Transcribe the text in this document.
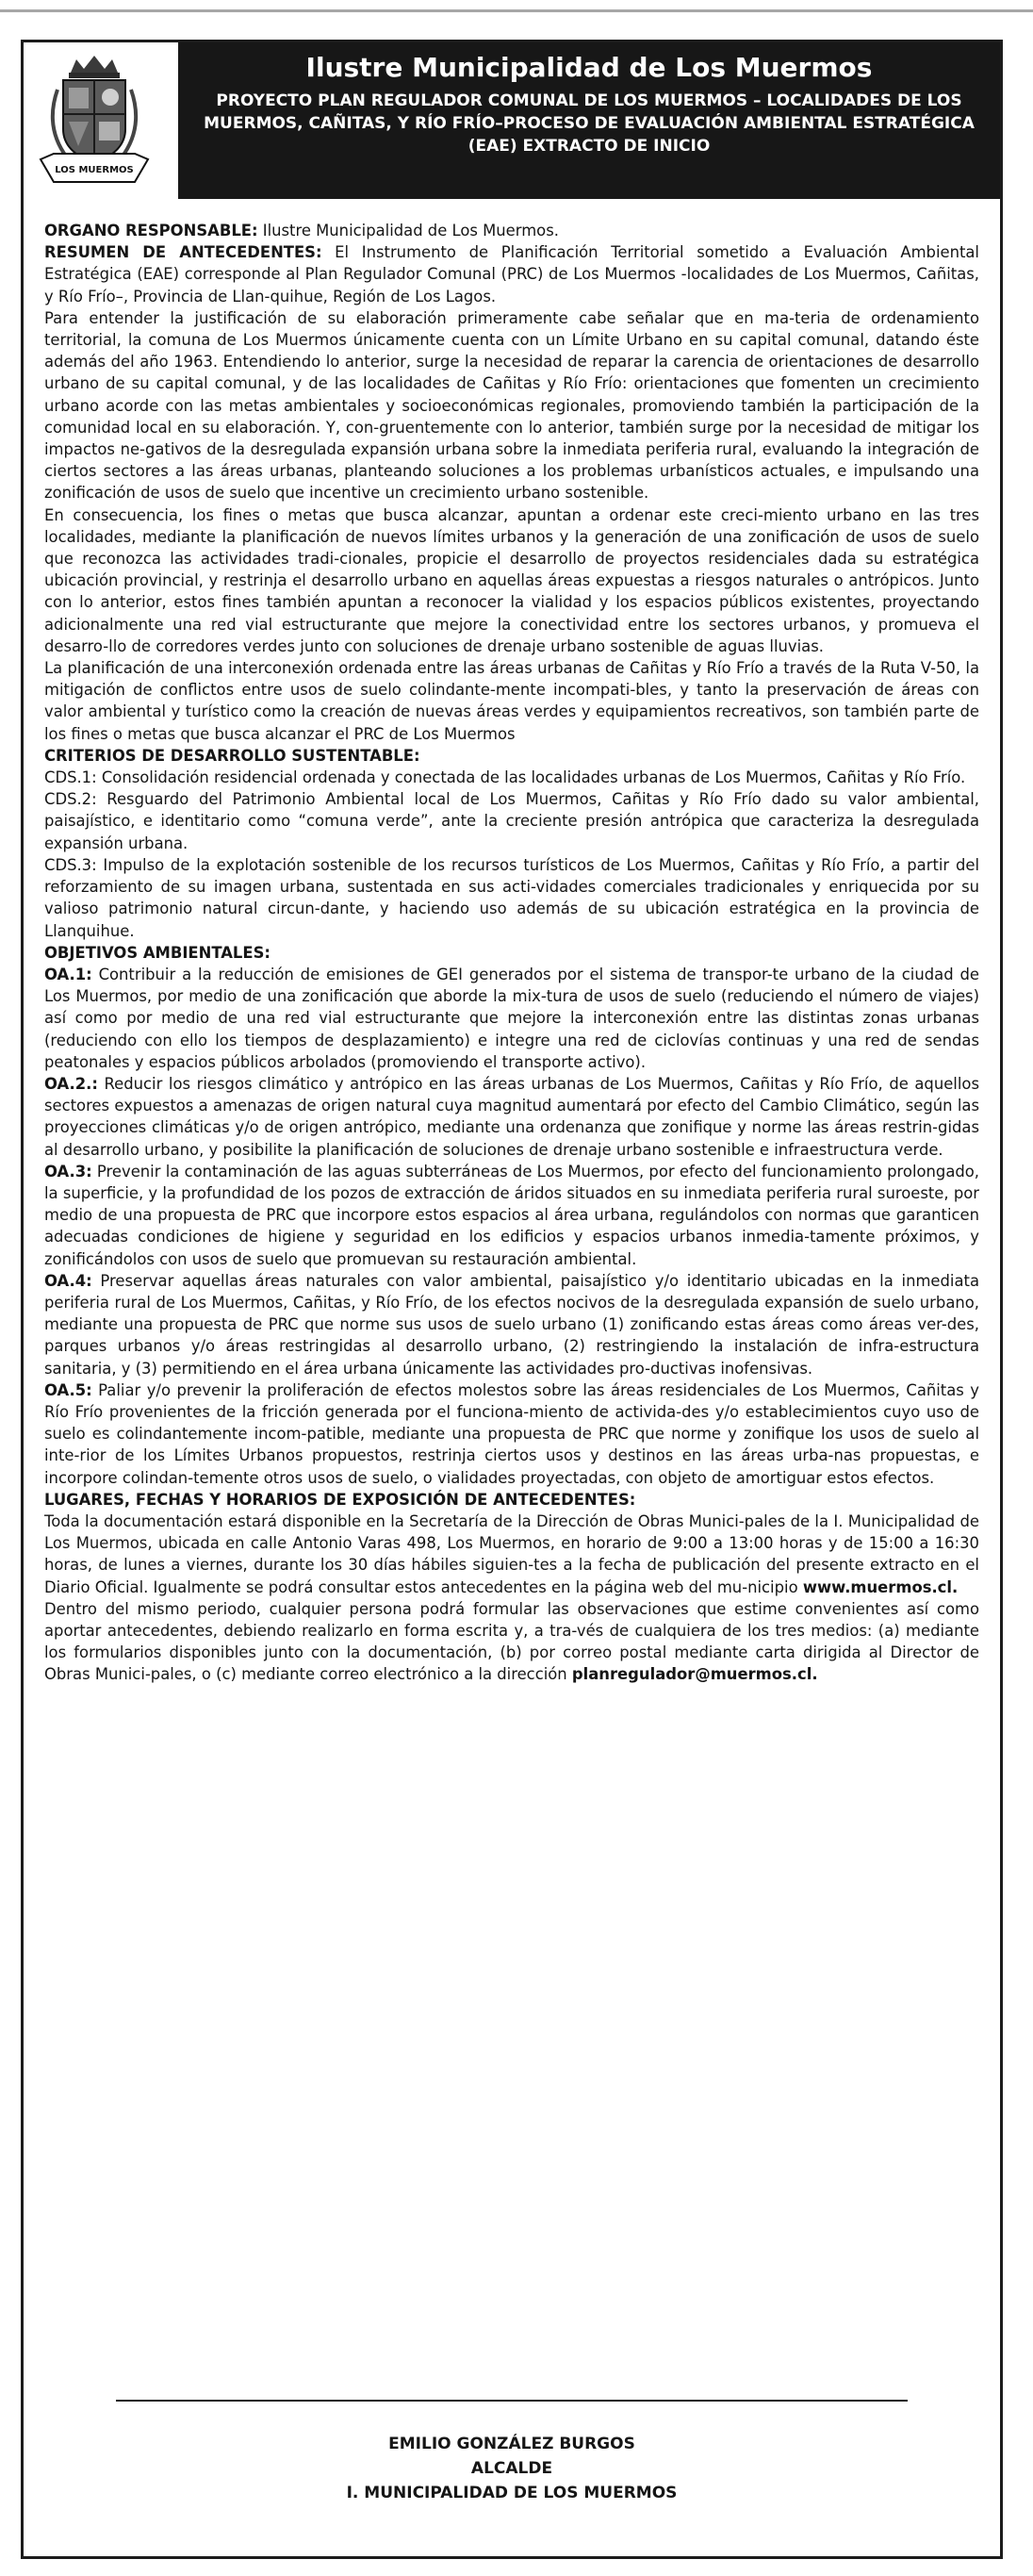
LOS MUERMOS
Ilustre Municipalidad de Los Muermos
PROYECTO PLAN REGULADOR COMUNAL DE LOS MUERMOS – LOCALIDADES DE LOS MUERMOS, CAÑITAS, Y RÍO FRÍO–PROCESO DE EVALUACIÓN AMBIENTAL ESTRATÉGICA (EAE) EXTRACTO DE INICIO

ORGANO RESPONSABLE: Ilustre Municipalidad de Los Muermos.

RESUMEN DE ANTECEDENTES: El Instrumento de Planificación Territorial sometido a Evaluación Ambiental Estratégica (EAE) corresponde al Plan Regulador Comunal (PRC) de Los Muermos -localidades de Los Muermos, Cañitas, y Río Frío–, Provincia de Llan-quihue, Región de Los Lagos.

Para entender la justificación de su elaboración primeramente cabe señalar que en ma-teria de ordenamiento territorial, la comuna de Los Muermos únicamente cuenta con un Límite Urbano en su capital comunal, datando éste además del año 1963. Entendiendo lo anterior, surge la necesidad de reparar la carencia de orientaciones de desarrollo urbano de su capital comunal, y de las localidades de Cañitas y Río Frío: orientaciones que fomenten un crecimiento urbano acorde con las metas ambientales y socioeconómicas regionales, promoviendo también la participación de la comunidad local en su elaboración. Y, con-gruentemente con lo anterior, también surge por la necesidad de mitigar los impactos ne-gativos de la desregulada expansión urbana sobre la inmediata periferia rural, evaluando la integración de ciertos sectores a las áreas urbanas, planteando soluciones a los problemas urbanísticos actuales, e impulsando una zonificación de usos de suelo que incentive un crecimiento urbano sostenible.

En consecuencia, los fines o metas que busca alcanzar, apuntan a ordenar este creci-miento urbano en las tres localidades, mediante la planificación de nuevos límites urbanos y la generación de una zonificación de usos de suelo que reconozca las actividades tradi-cionales, propicie el desarrollo de proyectos residenciales dada su estratégica ubicación provincial, y restrinja el desarrollo urbano en aquellas áreas expuestas a riesgos naturales o antrópicos. Junto con lo anterior, estos fines también apuntan a reconocer la vialidad y los espacios públicos existentes, proyectando adicionalmente una red vial estructurante que mejore la conectividad entre los sectores urbanos, y promueva el desarro-llo de corredores verdes junto con soluciones de drenaje urbano sostenible de aguas lluvias.

La planificación de una interconexión ordenada entre las áreas urbanas de Cañitas y Río Frío a través de la Ruta V-50, la mitigación de conflictos entre usos de suelo colindante-mente incompati-bles, y tanto la preservación de áreas con valor ambiental y turístico como la creación de nuevas áreas verdes y equipamientos recreativos, son también parte de los fines o metas que busca alcanzar el PRC de Los Muermos

CRITERIOS DE DESARROLLO SUSTENTABLE:

CDS.1: Consolidación residencial ordenada y conectada de las localidades urbanas de Los Muermos, Cañitas y Río Frío.

CDS.2: Resguardo del Patrimonio Ambiental local de Los Muermos, Cañitas y Río Frío dado su valor ambiental, paisajístico, e identitario como “comuna verde”, ante la creciente presión antrópica que caracteriza la desregulada expansión urbana.

CDS.3: Impulso de la explotación sostenible de los recursos turísticos de Los Muermos, Cañitas y Río Frío, a partir del reforzamiento de su imagen urbana, sustentada en sus acti-vidades comerciales tradicionales y enriquecida por su valioso patrimonio natural circun-dante, y haciendo uso además de su ubicación estratégica en la provincia de Llanquihue.

OBJETIVOS AMBIENTALES:

OA.1: Contribuir a la reducción de emisiones de GEI generados por el sistema de transpor-te urbano de la ciudad de Los Muermos, por medio de una zonificación que aborde la mix-tura de usos de suelo (reduciendo el número de viajes) así como por medio de una red vial estructurante que mejore la interconexión entre las distintas zonas urbanas (reduciendo con ello los tiempos de desplazamiento) e integre una red de ciclovías continuas y una red de sendas peatonales y espacios públicos arbolados (promoviendo el transporte activo).

OA.2.: Reducir los riesgos climático y antrópico en las áreas urbanas de Los Muermos, Cañitas y Río Frío, de aquellos sectores expuestos a amenazas de origen natural cuya magnitud aumentará por efecto del Cambio Climático, según las proyecciones climáticas y/o de origen antrópico, mediante una ordenanza que zonifique y norme las áreas restrin-gidas al desarrollo urbano, y posibilite la planificación de soluciones de drenaje urbano sostenible e infraestructura verde.

OA.3: Prevenir la contaminación de las aguas subterráneas de Los Muermos, por efecto del funcionamiento prolongado, la superficie, y la profundidad de los pozos de extracción de áridos situados en su inmediata periferia rural suroeste, por medio de una propuesta de PRC que incorpore estos espacios al área urbana, regulándolos con normas que garanticen adecuadas condiciones de higiene y seguridad en los edificios y espacios urbanos inmedia-tamente próximos, y zonificándolos con usos de suelo que promuevan su restauración ambiental.

OA.4: Preservar aquellas áreas naturales con valor ambiental, paisajístico y/o identitario ubicadas en la inmediata periferia rural de Los Muermos, Cañitas, y Río Frío, de los efectos nocivos de la desregulada expansión de suelo urbano, mediante una propuesta de PRC que norme sus usos de suelo urbano (1) zonificando estas áreas como áreas ver-des, parques urbanos y/o áreas restringidas al desarrollo urbano, (2) restringiendo la instalación de infra-estructura sanitaria, y (3) permitiendo en el área urbana únicamente las actividades pro-ductivas inofensivas.

OA.5: Paliar y/o prevenir la proliferación de efectos molestos sobre las áreas residenciales de Los Muermos, Cañitas y Río Frío provenientes de la fricción generada por el funciona-miento de activida-des y/o establecimientos cuyo uso de suelo es colindantemente incom-patible, mediante una propuesta de PRC que norme y zonifique los usos de suelo al inte-rior de los Límites Urbanos propuestos, restrinja ciertos usos y destinos en las áreas urba-nas propuestas, e incorpore colindan-temente otros usos de suelo, o vialidades proyectadas, con objeto de amortiguar estos efectos.

LUGARES, FECHAS Y HORARIOS DE EXPOSICIÓN DE ANTECEDENTES:

Toda la documentación estará disponible en la Secretaría de la Dirección de Obras Munici-pales de la I. Municipalidad de Los Muermos, ubicada en calle Antonio Varas 498, Los Muermos, en horario de 9:00 a 13:00 horas y de 15:00 a 16:30 horas, de lunes a viernes, durante los 30 días hábiles siguien-tes a la fecha de publicación del presente extracto en el Diario Oficial. Igualmente se podrá consultar estos antecedentes en la página web del mu-nicipio www.muermos.cl.

Dentro del mismo periodo, cualquier persona podrá formular las observaciones que estime convenientes así como aportar antecedentes, debiendo realizarlo en forma escrita y, a tra-vés de cualquiera de los tres medios: (a) mediante los formularios disponibles junto con la documentación, (b) por correo postal mediante carta dirigida al Director de Obras Munici-pales, o (c) mediante correo electrónico a la dirección planregulador@muermos.cl.

EMILIO GONZÁLEZ BURGOS
ALCALDE
I. MUNICIPALIDAD DE LOS MUERMOS
